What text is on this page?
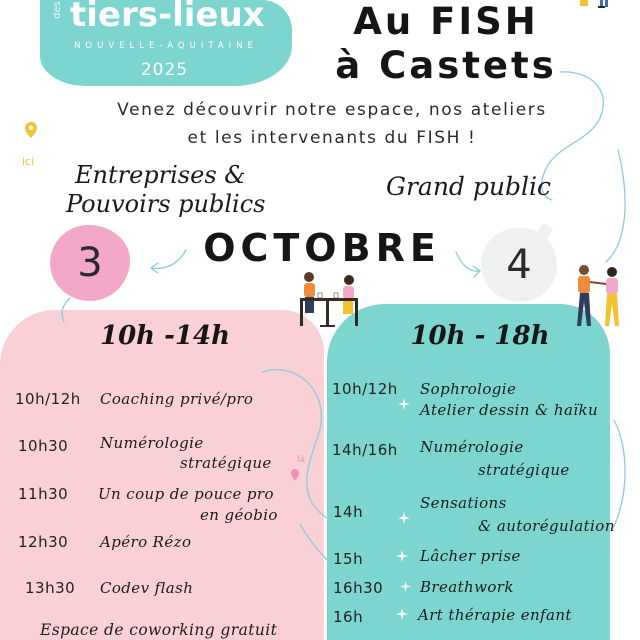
des tiers-lieux
NOUVELLE-AQUITAINE
2025
Au FISH
à Castets
Venez découvrir notre espace, nos ateliers
et les intervenants du FISH !
ici Entreprises &
Pouvoirs publics
Grand public
OCTOBRE
3	4
là
10h -14h
10h/12h Coaching privé/pro
10h30 Numérologie
stratégique
11h30 Un coup de pouce pro
en géobio
12h30 Apéro Rézo
13h30 Codev flash
Espace de coworking gratuit
10h - 18h
10h/12h Sophrologie
Atelier dessin & haïku
14h/16h Numérologie
stratégique
14h	Sensations
& autorégulation
15h	Lâcher prise
16h30 Breathwork
16h	Art thérapie enfant
